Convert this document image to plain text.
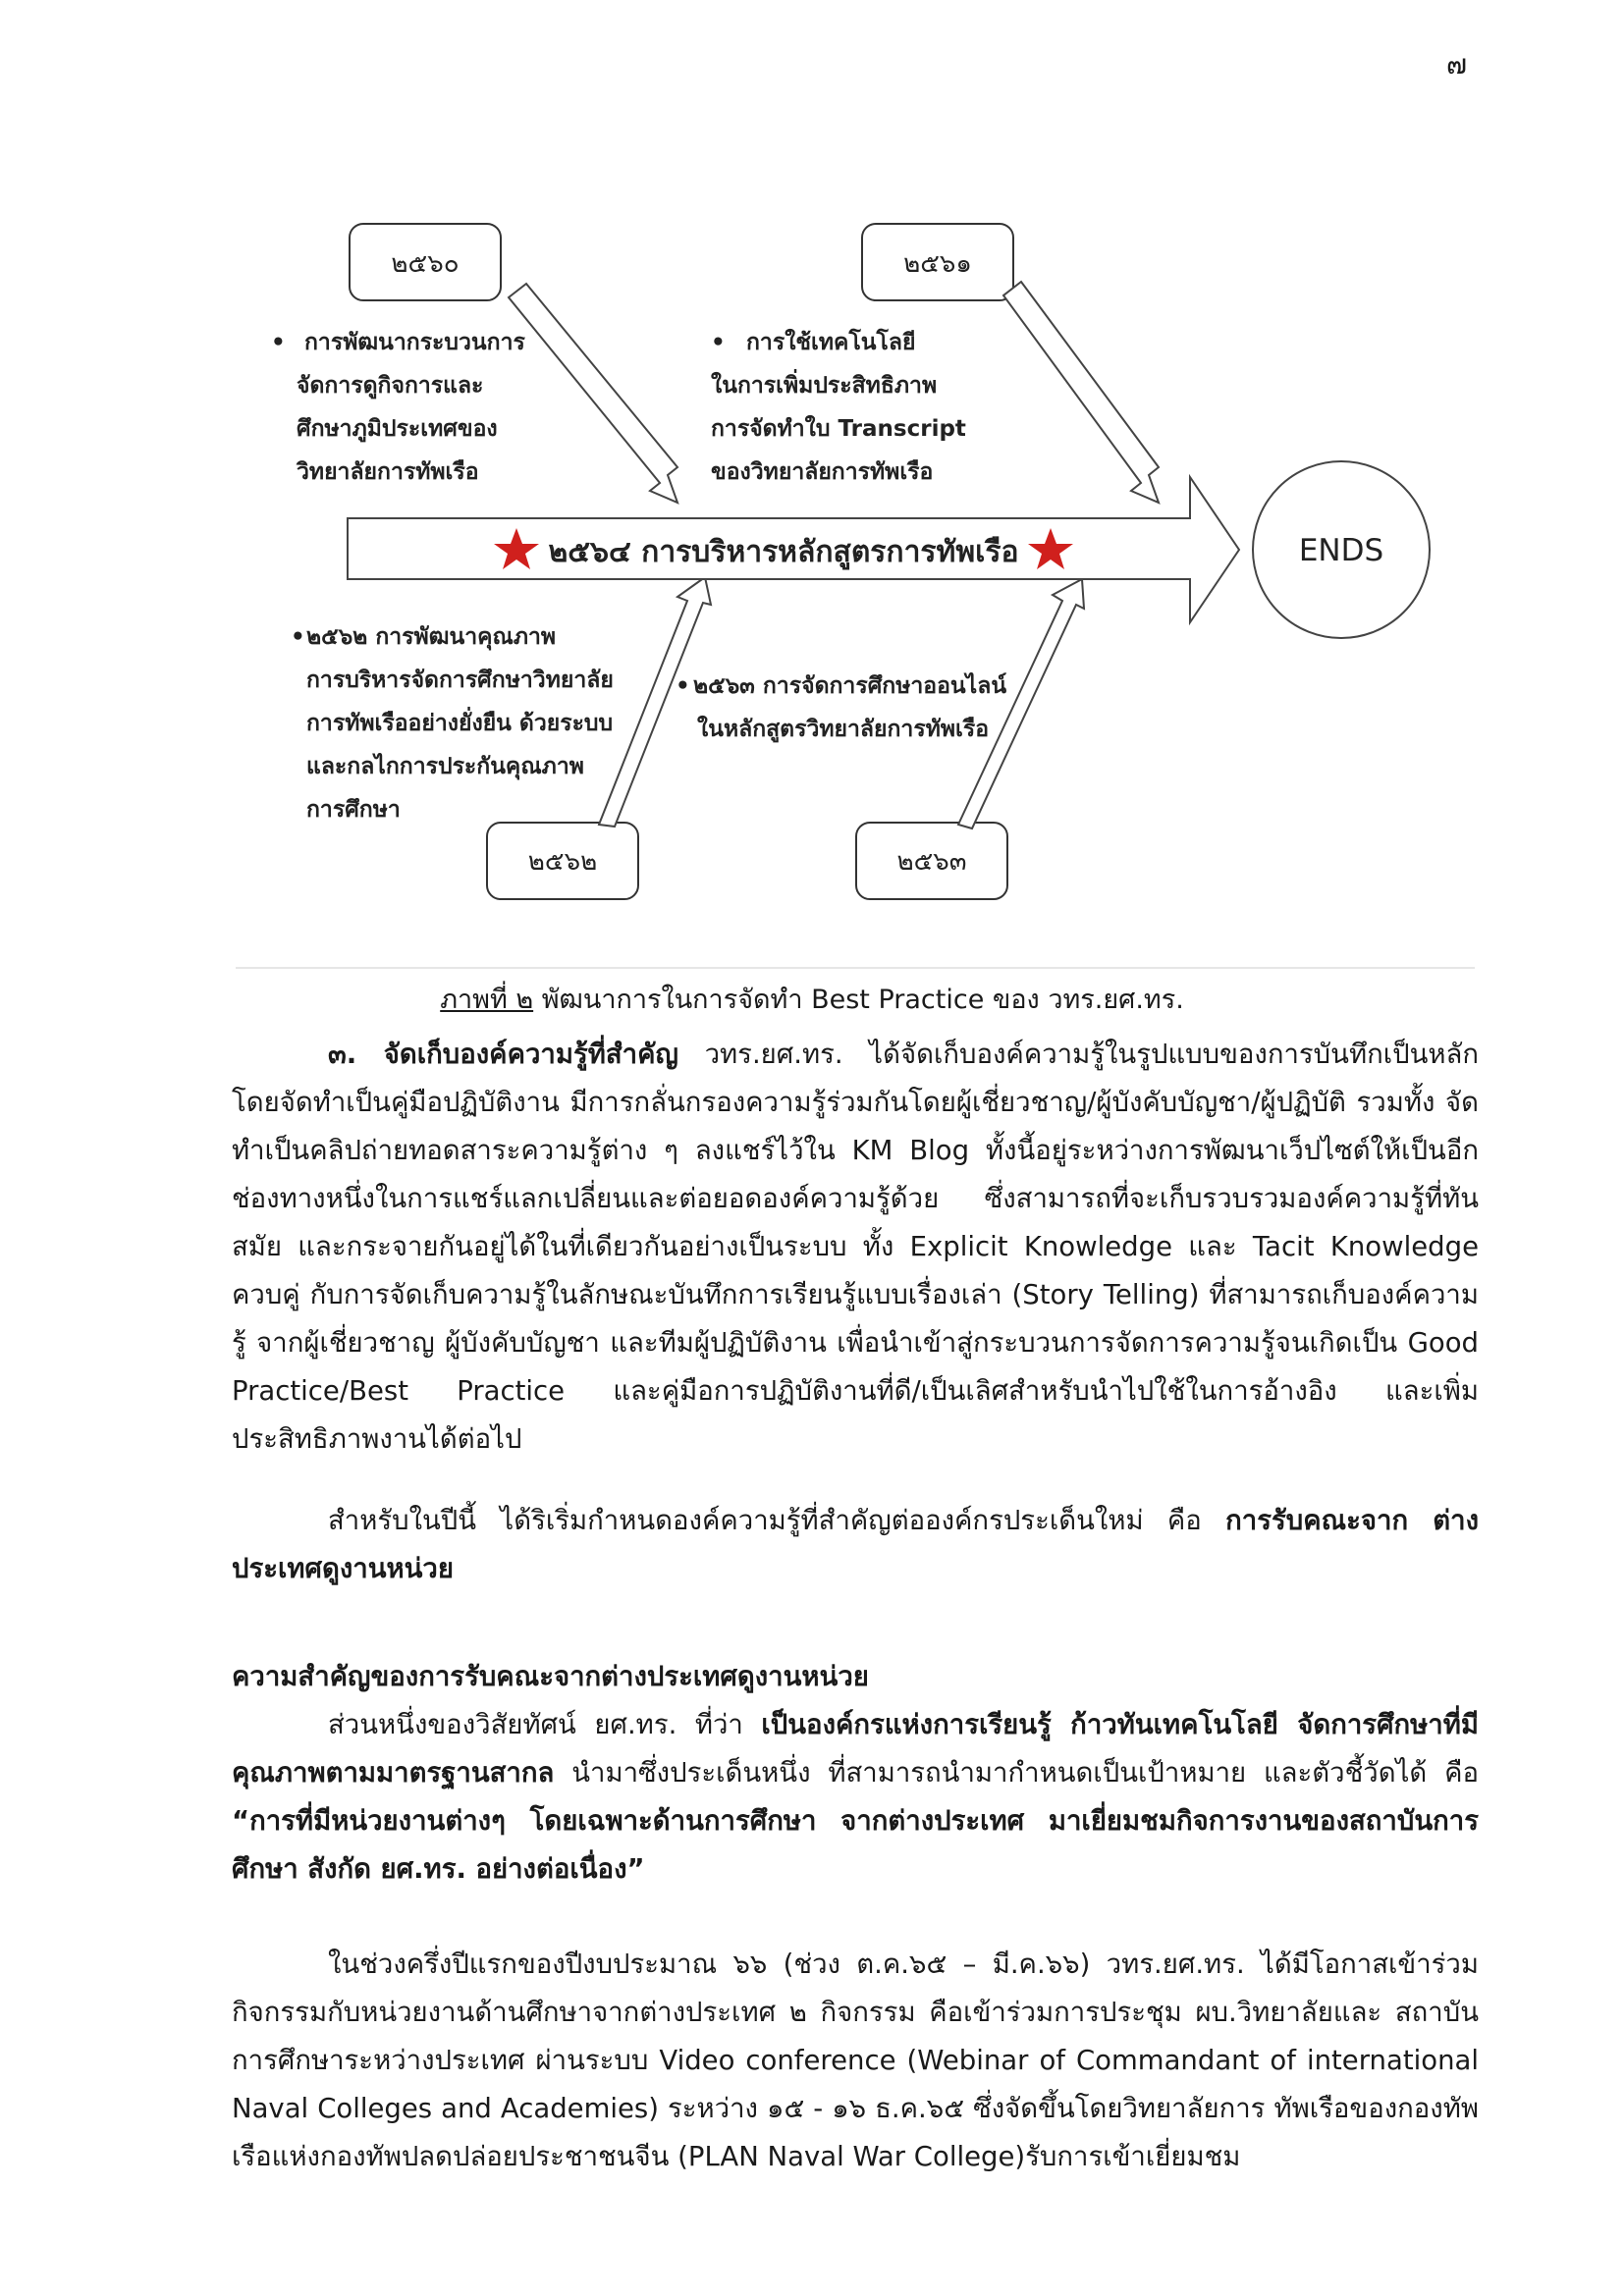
๗
๒๕๖๐	๒๕๖๑
๒๕๖๒	๒๕๖๓
๒๕๖๔ การบริหารหลักสูตรการทัพเรือ	ENDS
• การพัฒนากระบวนการ
จัดการดูกิจการและ
ศึกษาภูมิประเทศของ
วิทยาลัยการทัพเรือ
• การใช้เทคโนโลยี
ในการเพิ่มประสิทธิภาพ
การจัดทำใบ Transcript
ของวิทยาลัยการทัพเรือ
• ๒๕๖๒ การพัฒนาคุณภาพ
การบริหารจัดการศึกษาวิทยาลัย
การทัพเรืออย่างยั่งยืน ด้วยระบบ
และกลไกการประกันคุณภาพ
การศึกษา
• ๒๕๖๓ การจัดการศึกษาออนไลน์
ในหลักสูตรวิทยาลัยการทัพเรือ
ภาพที่ ๒ พัฒนาการในการจัดทำ Best Practice ของ วทร.ยศ.ทร.

๓. จัดเก็บองค์ความรู้ที่สำคัญ วทร.ยศ.ทร. ได้จัดเก็บองค์ความรู้ในรูปแบบของการบันทึกเป็นหลัก โดยจัดทำเป็นคู่มือปฏิบัติงาน มีการกลั่นกรองความรู้ร่วมกันโดยผู้เชี่ยวชาญ/ผู้บังคับบัญชา/ผู้ปฏิบัติ รวมทั้ง จัดทำเป็นคลิปถ่ายทอดสาระความรู้ต่าง ๆ ลงแชร์ไว้ใน KM Blog ทั้งนี้อยู่ระหว่างการพัฒนาเว็ปไซต์ให้เป็นอีก ช่องทางหนึ่งในการแชร์แลกเปลี่ยนและต่อยอดองค์ความรู้ด้วย ซึ่งสามารถที่จะเก็บรวบรวมองค์ความรู้ที่ทันสมัย และกระจายกันอยู่ได้ในที่เดียวกันอย่างเป็นระบบ ทั้ง Explicit Knowledge และ Tacit Knowledge ควบคู่ กับการจัดเก็บความรู้ในลักษณะบันทึกการเรียนรู้แบบเรื่องเล่า (Story Telling) ที่สามารถเก็บองค์ความรู้ จากผู้เชี่ยวชาญ ผู้บังคับบัญชา และทีมผู้ปฏิบัติงาน เพื่อนำเข้าสู่กระบวนการจัดการความรู้จนเกิดเป็น Good Practice/Best Practice และคู่มือการปฏิบัติงานที่ดี/เป็นเลิศสำหรับนำไปใช้ในการอ้างอิง และเพิ่ม ประสิทธิภาพงานได้ต่อไป

สำหรับในปีนี้ ได้ริเริ่มกำหนดองค์ความรู้ที่สำคัญต่อองค์กรประเด็นใหม่ คือ การรับคณะจาก ต่างประเทศดูงานหน่วย

ความสำคัญของการรับคณะจากต่างประเทศดูงานหน่วย

ส่วนหนึ่งของวิสัยทัศน์ ยศ.ทร. ที่ว่า เป็นองค์กรแห่งการเรียนรู้ ก้าวทันเทคโนโลยี จัดการศึกษาที่มี คุณภาพตามมาตรฐานสากล นำมาซึ่งประเด็นหนึ่ง ที่สามารถนำมากำหนดเป็นเป้าหมาย และตัวชี้วัดได้ คือ “การที่มีหน่วยงานต่างๆ โดยเฉพาะด้านการศึกษา จากต่างประเทศ มาเยี่ยมชมกิจการงานของสถาบันการศึกษา สังกัด ยศ.ทร. อย่างต่อเนื่อง”

ในช่วงครึ่งปีแรกของปีงบประมาณ ๖๖ (ช่วง ต.ค.๖๕ – มี.ค.๖๖) วทร.ยศ.ทร. ได้มีโอกาสเข้าร่วม กิจกรรมกับหน่วยงานด้านศึกษาจากต่างประเทศ ๒ กิจกรรม คือเข้าร่วมการประชุม ผบ.วิทยาลัยและ สถาบันการศึกษาระหว่างประเทศ ผ่านระบบ Video conference (Webinar of Commandant of international Naval Colleges and Academies) ระหว่าง ๑๕ - ๑๖ ธ.ค.๖๕ ซึ่งจัดขึ้นโดยวิทยาลัยการ ทัพเรือของกองทัพเรือแห่งกองทัพปลดปล่อยประชาชนจีน (PLAN Naval War College)รับการเข้าเยี่ยมชม
